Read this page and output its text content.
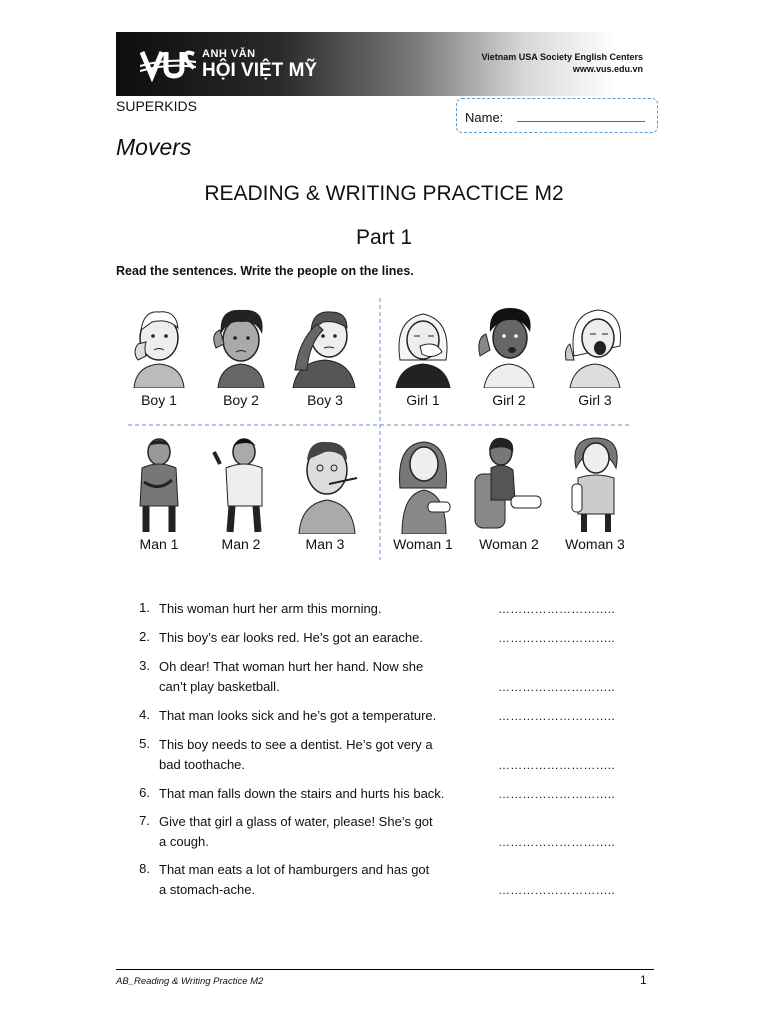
ANH VĂN
HỘI VIỆT MỸ
Vietnam USA Society English Centers
www.vus.edu.vn
SUPERKIDS
Name:
Movers
READING & WRITING PRACTICE M2
Part 1
Read the sentences. Write the people on the lines.
Boy 1	Boy 2	Boy 3	Girl 1	Girl 2	Girl 3
Man 1	Man 2	Man 3	Woman 1	Woman 2	Woman 3
1. This woman hurt her arm this morning.	………………………..
2. This boy’s ear looks red. He’s got an earache.	………………………..
3. Oh dear! That woman hurt her hand. Now she
can’t play basketball.	………………………..
4. That man looks sick and he’s got a temperature.	………………………..
5. This boy needs to see a dentist. He’s got very a
bad toothache.	………………………..
6. That man falls down the stairs and hurts his back.	………………………..
7. Give that girl a glass of water, please! She’s got
a cough.	………………………..
8. That man eats a lot of hamburgers and has got
a stomach-ache.	………………………..
AB_Reading & Writing Practice M2	1
